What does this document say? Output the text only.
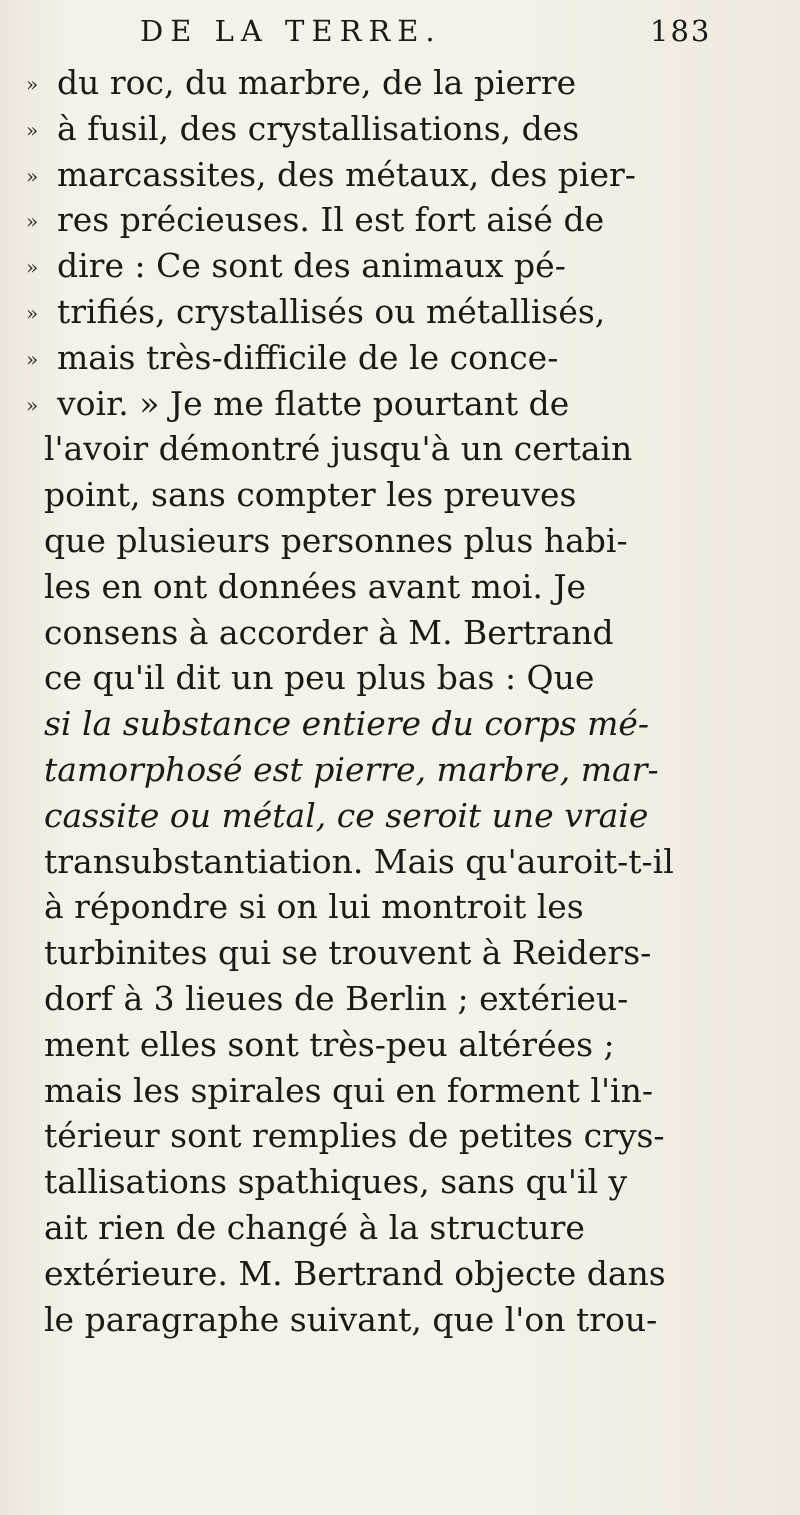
DE LA TERRE.	183
» du roc, du marbre, de la pierre
» à fusil, des crystallisations, des
» marcassites, des métaux, des pier-
» res précieuses. Il est fort aisé de
» dire : Ce sont des animaux pé-
» trifiés, crystallisés ou métallisés,
» mais très-difficile de le conce-
» voir. » Je me flatte pourtant de
l'avoir démontré jusqu'à un certain
point, sans compter les preuves
que plusieurs personnes plus habi-
les en ont données avant moi. Je
consens à accorder à M. Bertrand
ce qu'il dit un peu plus bas : Que
si la substance entiere du corps mé-
tamorphosé est pierre, marbre, mar-
cassite ou métal, ce seroit une vraie
transubstantiation. Mais qu'auroit-t-il
à répondre si on lui montroit les
turbinites qui se trouvent à Reiders-
dorf à 3 lieues de Berlin ; extérieu-
ment elles sont très-peu altérées ;
mais les spirales qui en forment l'in-
térieur sont remplies de petites crys-
tallisations spathiques, sans qu'il y
ait rien de changé à la structure
extérieure. M. Bertrand objecte dans
le paragraphe suivant, que l'on trou-
